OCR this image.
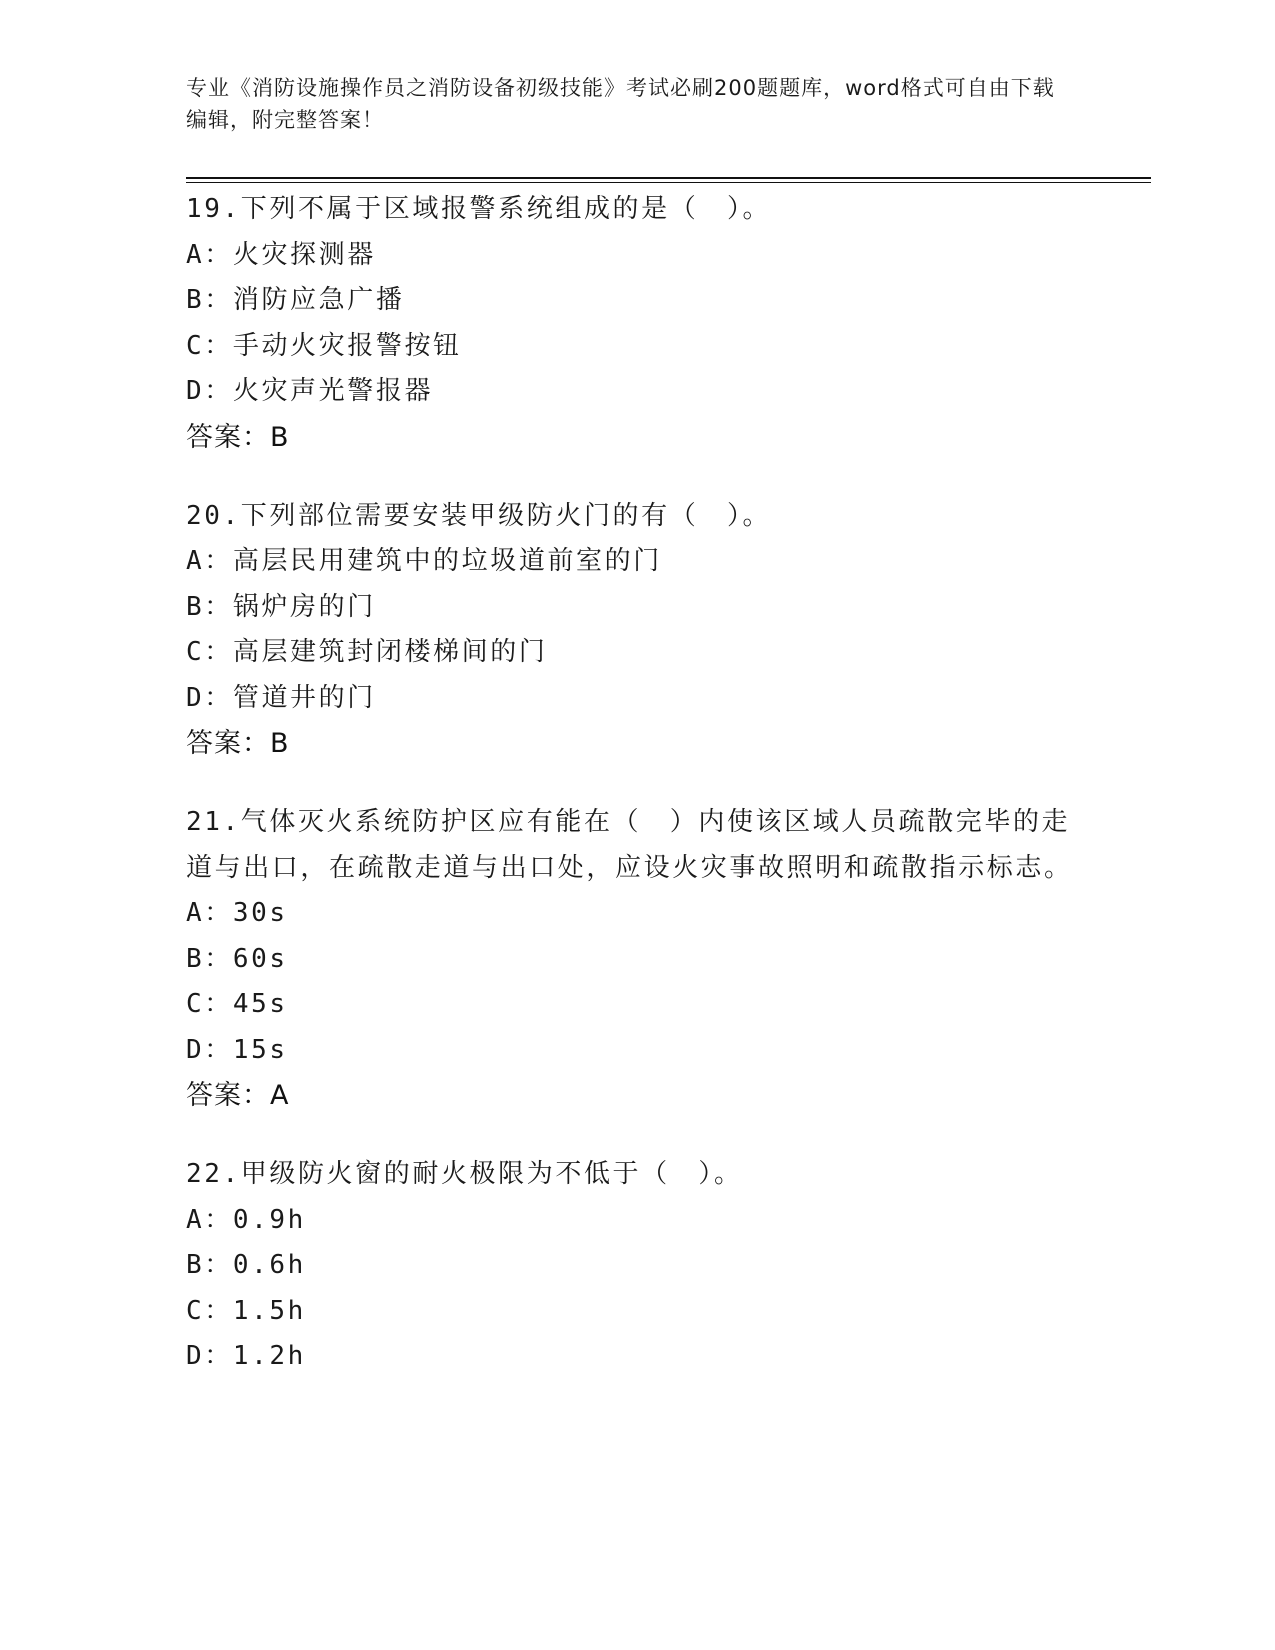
专业《消防设施操作员之消防设备初级技能》考试必刷200题题库，word格式可自由下载编辑，附完整答案！

19.下列不属于区域报警系统组成的是（　）。

A：火灾探测器

B：消防应急广播

C：手动火灾报警按钮

D：火灾声光警报器

答案：B

20.下列部位需要安装甲级防火门的有（　）。

A：高层民用建筑中的垃圾道前室的门

B：锅炉房的门

C：高层建筑封闭楼梯间的门

D：管道井的门

答案：B

21.气体灭火系统防护区应有能在（　）内使该区域人员疏散完毕的走道与出口，在疏散走道与出口处，应设火灾事故照明和疏散指示标志。

A：30s

B：60s

C：45s

D：15s

答案：A

22.甲级防火窗的耐火极限为不低于（　）。

A：0.9h

B：0.6h

C：1.5h

D：1.2h
